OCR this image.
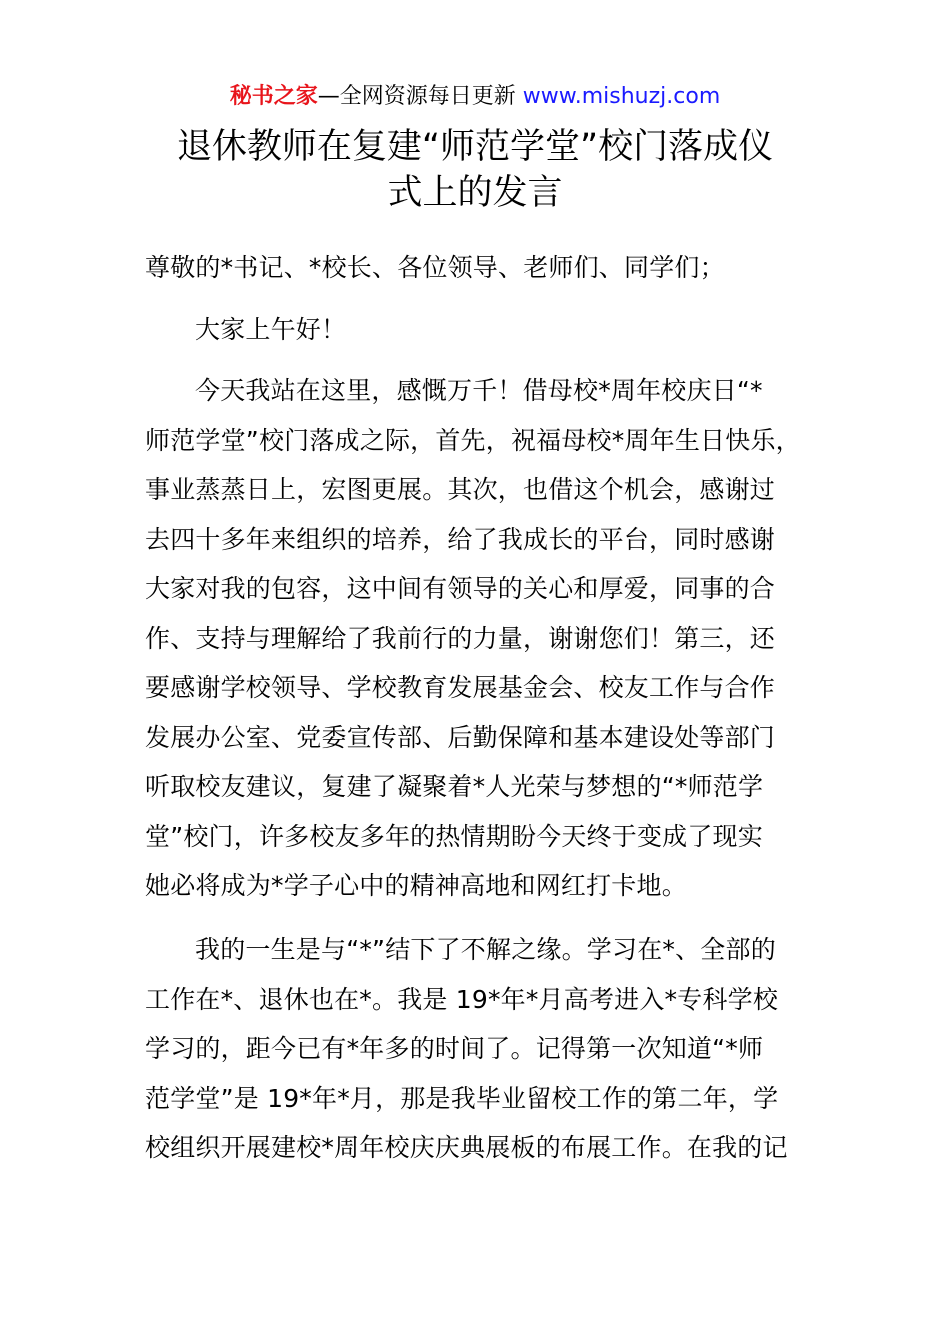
秘书之家—全网资源每日更新 www.mishuzj.com
退休教师在复建“师范学堂”校门落成仪
式上的发言
尊敬的*书记、*校长、各位领导、老师们、同学们；
大家上午好！
今天我站在这里，感慨万千！借母校*周年校庆日“*
师范学堂”校门落成之际，首先，祝福母校*周年生日快乐，
事业蒸蒸日上，宏图更展。其次，也借这个机会，感谢过
去四十多年来组织的培养，给了我成长的平台，同时感谢
大家对我的包容，这中间有领导的关心和厚爱，同事的合
作、支持与理解给了我前行的力量，谢谢您们！第三，还
要感谢学校领导、学校教育发展基金会、校友工作与合作
发展办公室、党委宣传部、后勤保障和基本建设处等部门
听取校友建议，复建了凝聚着*人光荣与梦想的“*师范学
堂”校门，许多校友多年的热情期盼今天终于变成了现实
她必将成为*学子心中的精神高地和网红打卡地。
我的一生是与“*”结下了不解之缘。学习在*、全部的
工作在*、退休也在*。我是 19*年*月高考进入*专科学校
学习的，距今已有*年多的时间了。记得第一次知道“*师
范学堂”是 19*年*月，那是我毕业留校工作的第二年，学
校组织开展建校*周年校庆庆典展板的布展工作。在我的记
